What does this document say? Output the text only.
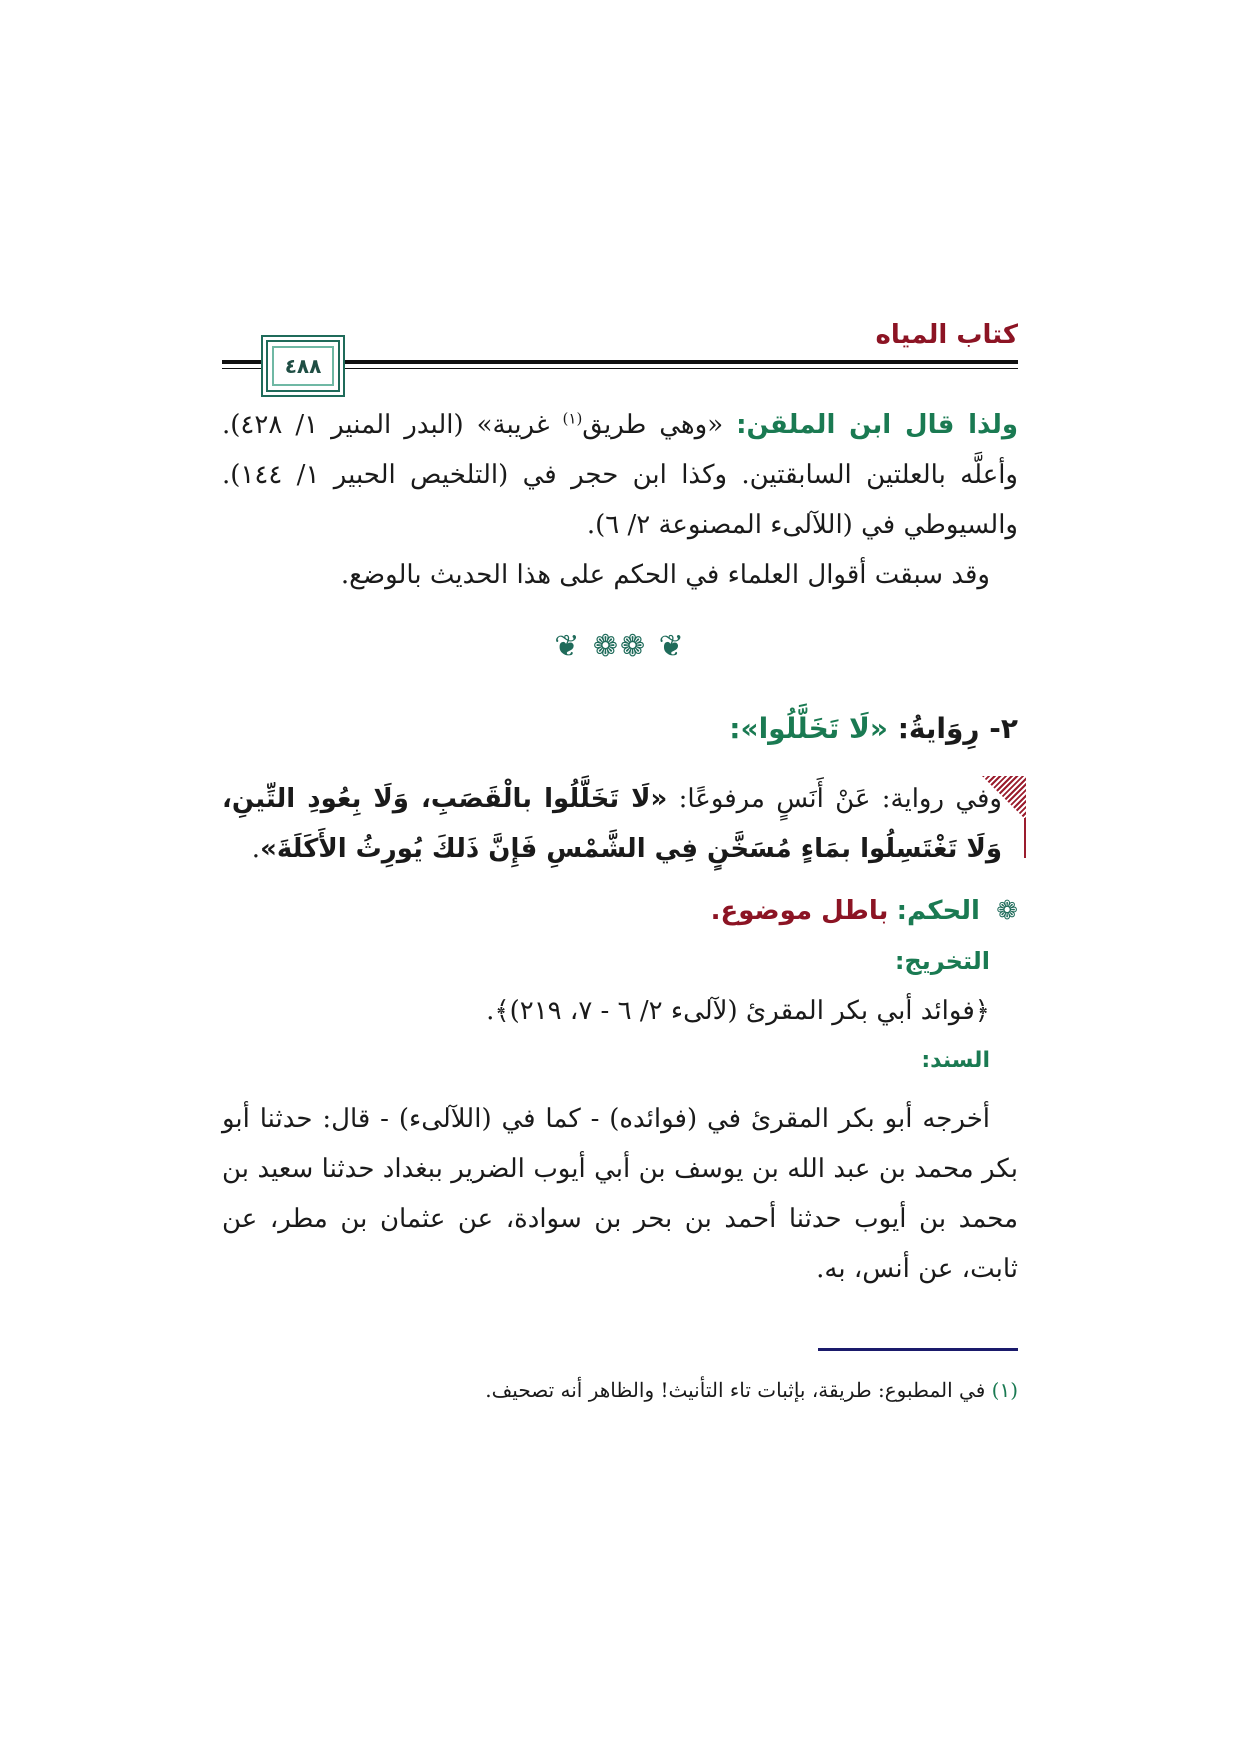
كتاب المياه
٤٨٨

ولذا قال ابن الملقن: «وهي طريق$^{(١)}$ غريبة» (البدر المنير ١/ ٤٢٨). وأعلَّه بالعلتين السابقتين. وكذا ابن حجر في (التلخيص الحبير ١/ ١٤٤). والسيوطي في (اللآلىء المصنوعة ٢/ ٦).

وقد سبقت أقوال العلماء في الحكم على هذا الحديث بالوضع.

❦ ❁❁ ❦
٢- رِوَايةُ: «لَا تَخَلَّلُوا»:

وفي رواية: عَنْ أَنَسٍ مرفوعًا: «لَا تَخَلَّلُوا بالْقَصَبِ، وَلَا بِعُودِ التِّينِ، وَلَا تَغْتَسِلُوا بمَاءٍ مُسَخَّنٍ فِي الشَّمْسِ فَإِنَّ ذَلكَ يُورِثُ الأَكَلَةَ».

❁ الحكم: باطل موضوع.

التخريج:

﴿فوائد أبي بكر المقرئ (لآلىء ٢/ ٦ - ٧، ٢١٩)﴾.

السند:

أخرجه أبو بكر المقرئ في (فوائده) - كما في (اللآلىء) - قال: حدثنا أبو بكر محمد بن عبد الله بن يوسف بن أبي أيوب الضرير ببغداد حدثنا سعيد بن محمد بن أيوب حدثنا أحمد بن بحر بن سوادة، عن عثمان بن مطر، عن ثابت، عن أنس، به.

(١) في المطبوع: طريقة، بإثبات تاء التأنيث! والظاهر أنه تصحيف.
